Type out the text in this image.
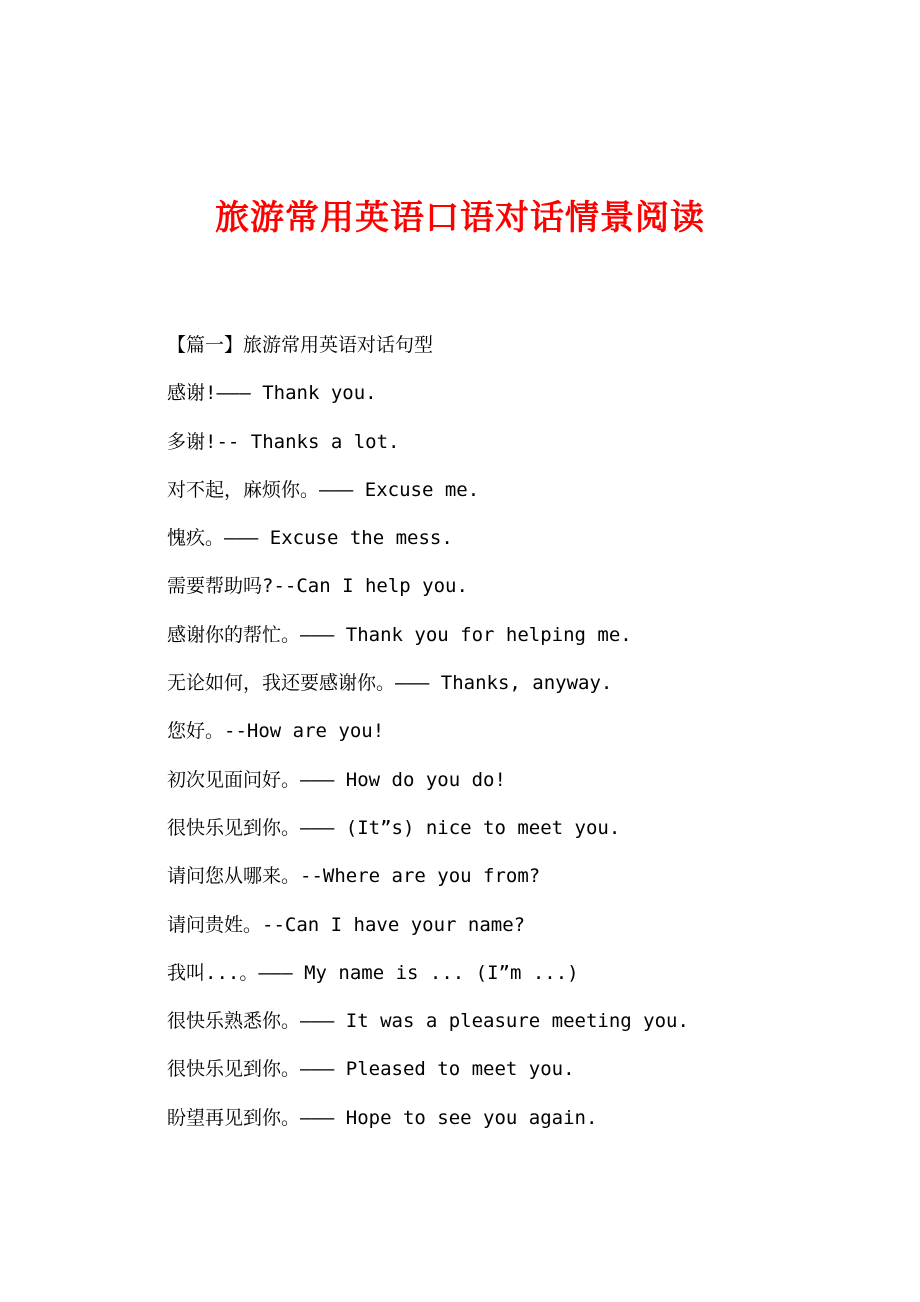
旅游常用英语口语对话情景阅读

【篇一】旅游常用英语对话句型

感谢!——— Thank you.

多谢!-- Thanks a lot.

对不起，麻烦你。——— Excuse me.

愧疚。——— Excuse the mess.

需要帮助吗?--Can I help you.

感谢你的帮忙。——— Thank you for helping me.

无论如何，我还要感谢你。——— Thanks, anyway.

您好。--How are you!

初次见面问好。——— How do you do!

很快乐见到你。——— (It”s) nice to meet you.

请问您从哪来。--Where are you from?

请问贵姓。--Can I have your name?

我叫...。——— My name is ... (I”m ...)

很快乐熟悉你。——— It was a pleasure meeting you.

很快乐见到你。——— Pleased to meet you.

盼望再见到你。——— Hope to see you again.
